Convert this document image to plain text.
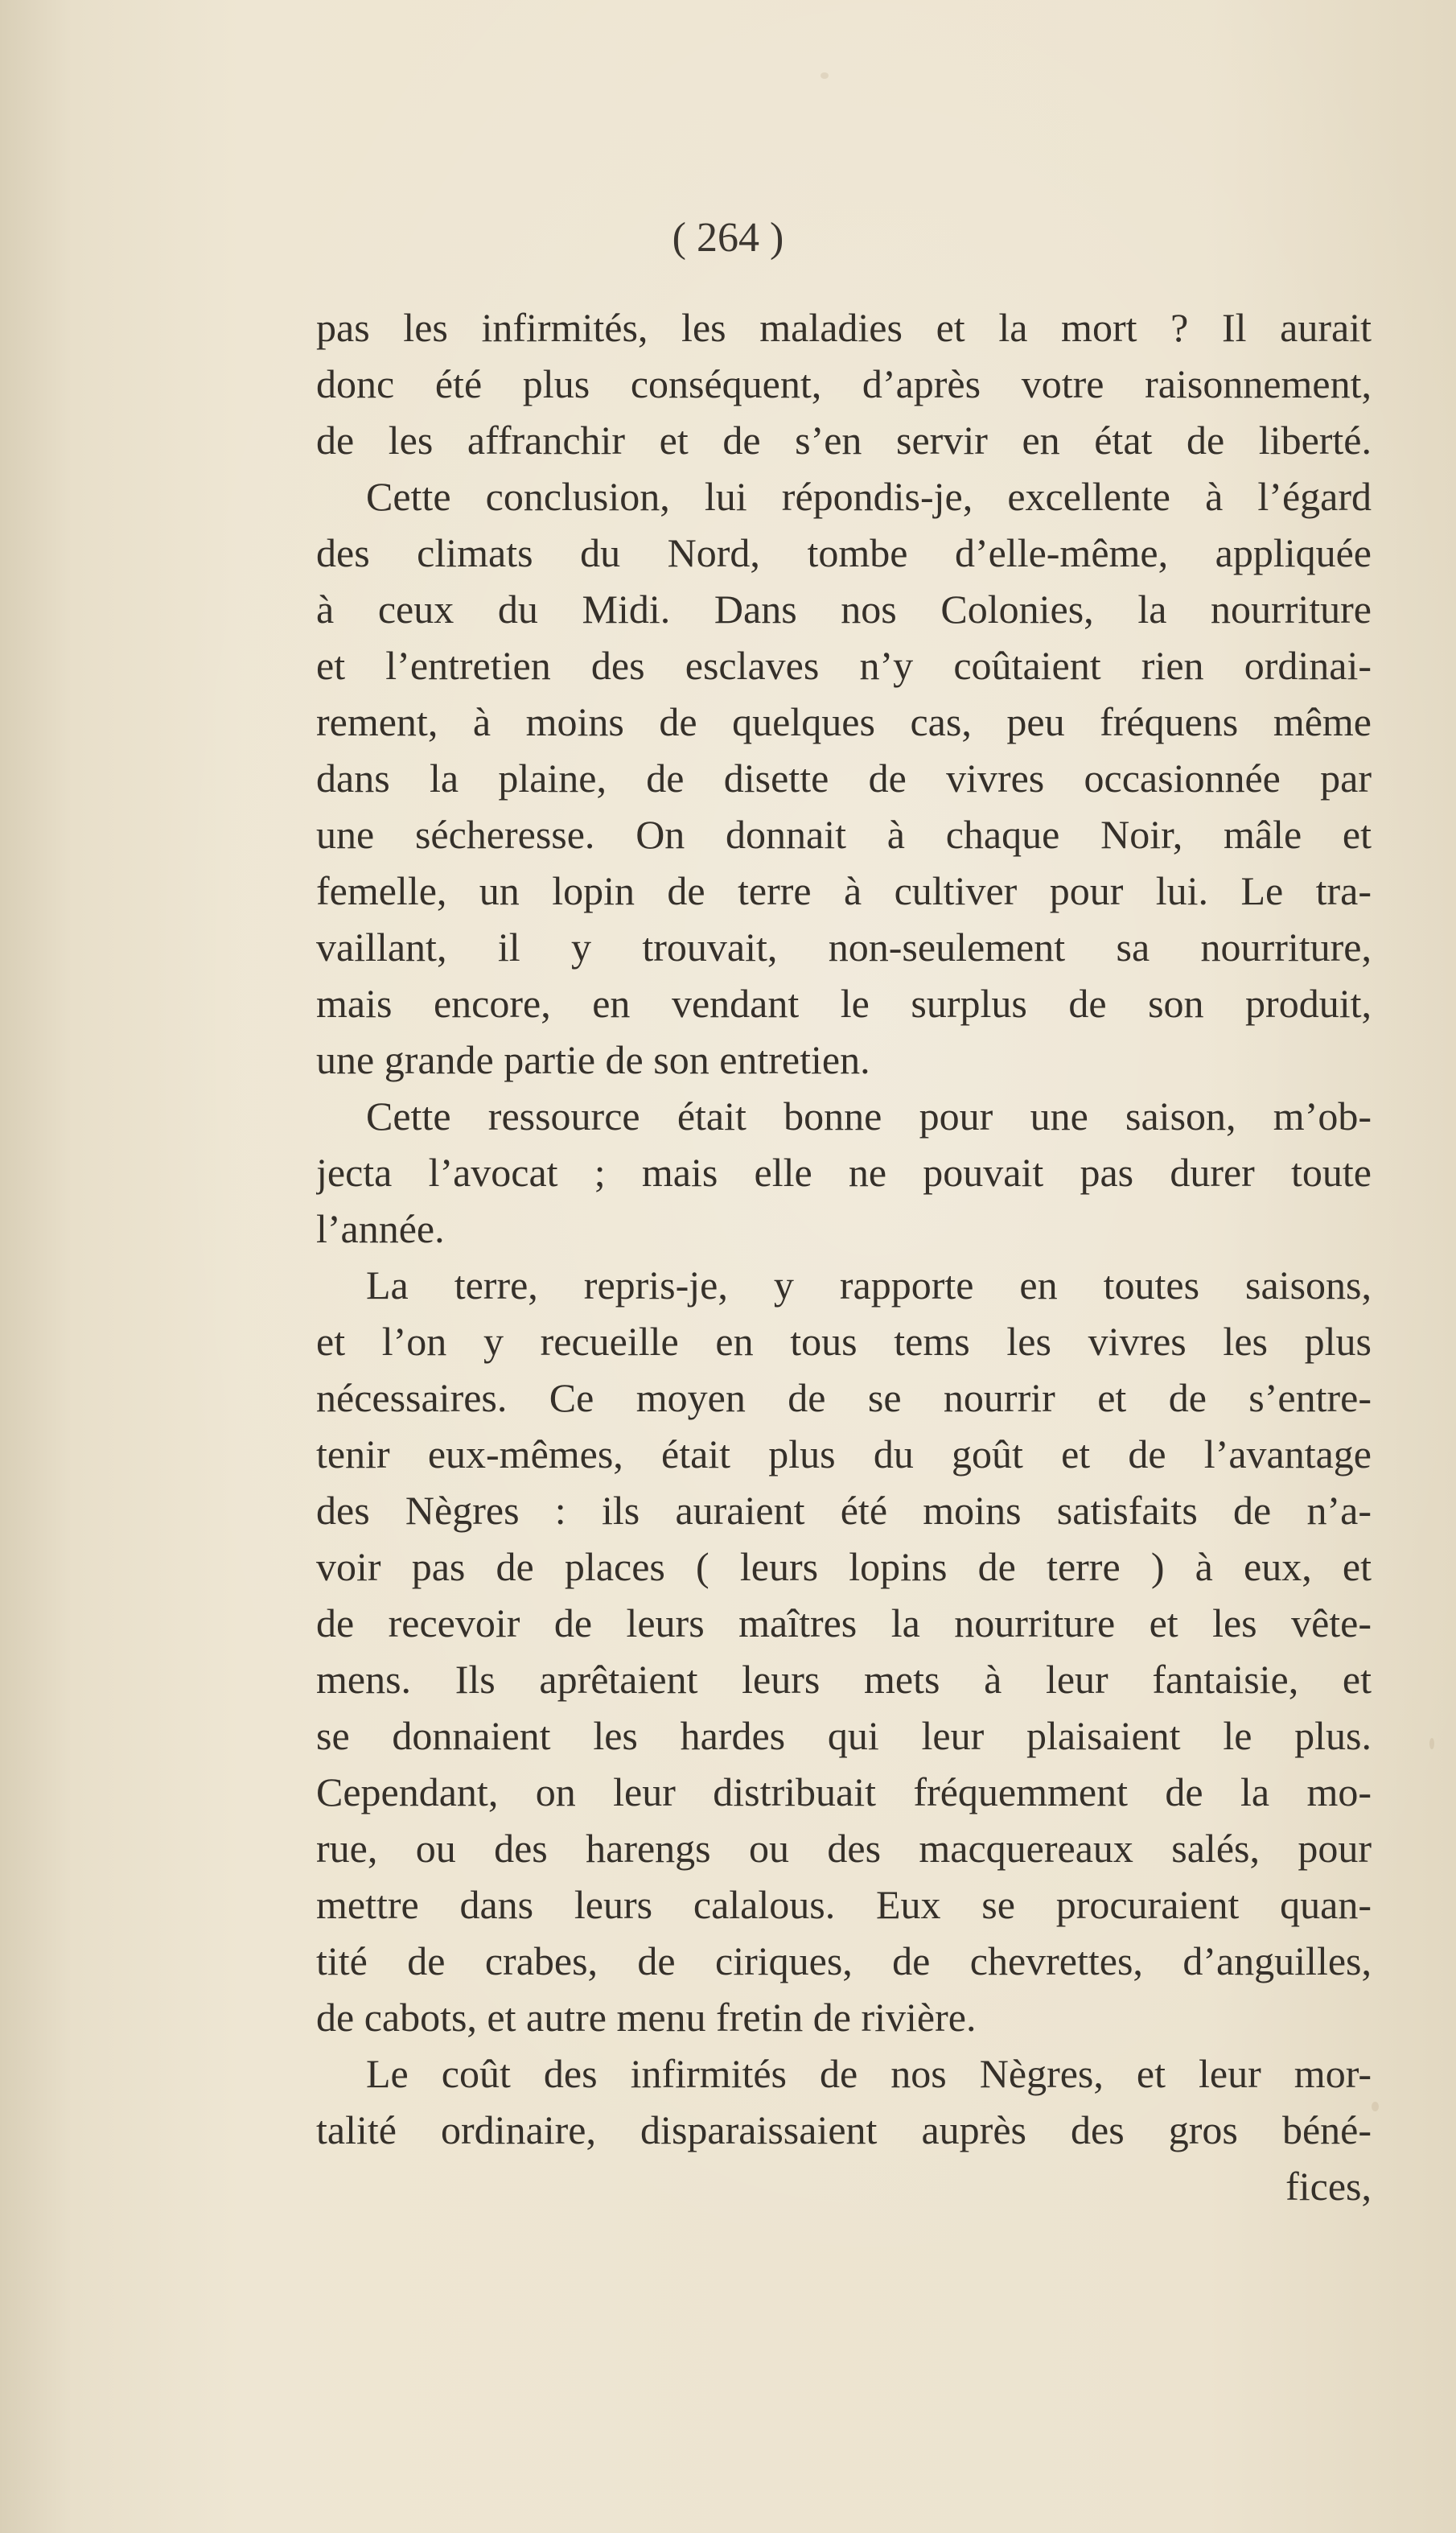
( 264 )

pas les infirmités, les maladies et la mort ? Il aurait
donc été plus conséquent, d’après votre raisonnement,
de les affranchir et de s’en servir en état de liberté.
Cette conclusion, lui répondis-je, excellente à l’égard
des climats du Nord, tombe d’elle-même, appliquée
à ceux du Midi. Dans nos Colonies, la nourriture
et l’entretien des esclaves n’y coûtaient rien ordinai-
rement, à moins de quelques cas, peu fréquens même
dans la plaine, de disette de vivres occasionnée par
une sécheresse. On donnait à chaque Noir, mâle et
femelle, un lopin de terre à cultiver pour lui. Le tra-
vaillant, il y trouvait, non-seulement sa nourriture,
mais encore, en vendant le surplus de son produit,
une grande partie de son entretien.
Cette ressource était bonne pour une saison, m’ob-
jecta l’avocat ; mais elle ne pouvait pas durer toute
l’année.
La terre, repris-je, y rapporte en toutes saisons,
et l’on y recueille en tous tems les vivres les plus
nécessaires. Ce moyen de se nourrir et de s’entre-
tenir eux-mêmes, était plus du goût et de l’avantage
des Nègres : ils auraient été moins satisfaits de n’a-
voir pas de places ( leurs lopins de terre ) à eux, et
de recevoir de leurs maîtres la nourriture et les vête-
mens. Ils aprêtaient leurs mets à leur fantaisie, et
se donnaient les hardes qui leur plaisaient le plus.
Cependant, on leur distribuait fréquemment de la mo-
rue, ou des harengs ou des macquereaux salés, pour
mettre dans leurs calalous. Eux se procuraient quan-
tité de crabes, de ciriques, de chevrettes, d’anguilles,
de cabots, et autre menu fretin de rivière.
Le coût des infirmités de nos Nègres, et leur mor-
talité ordinaire, disparaissaient auprès des gros béné-
fices,
